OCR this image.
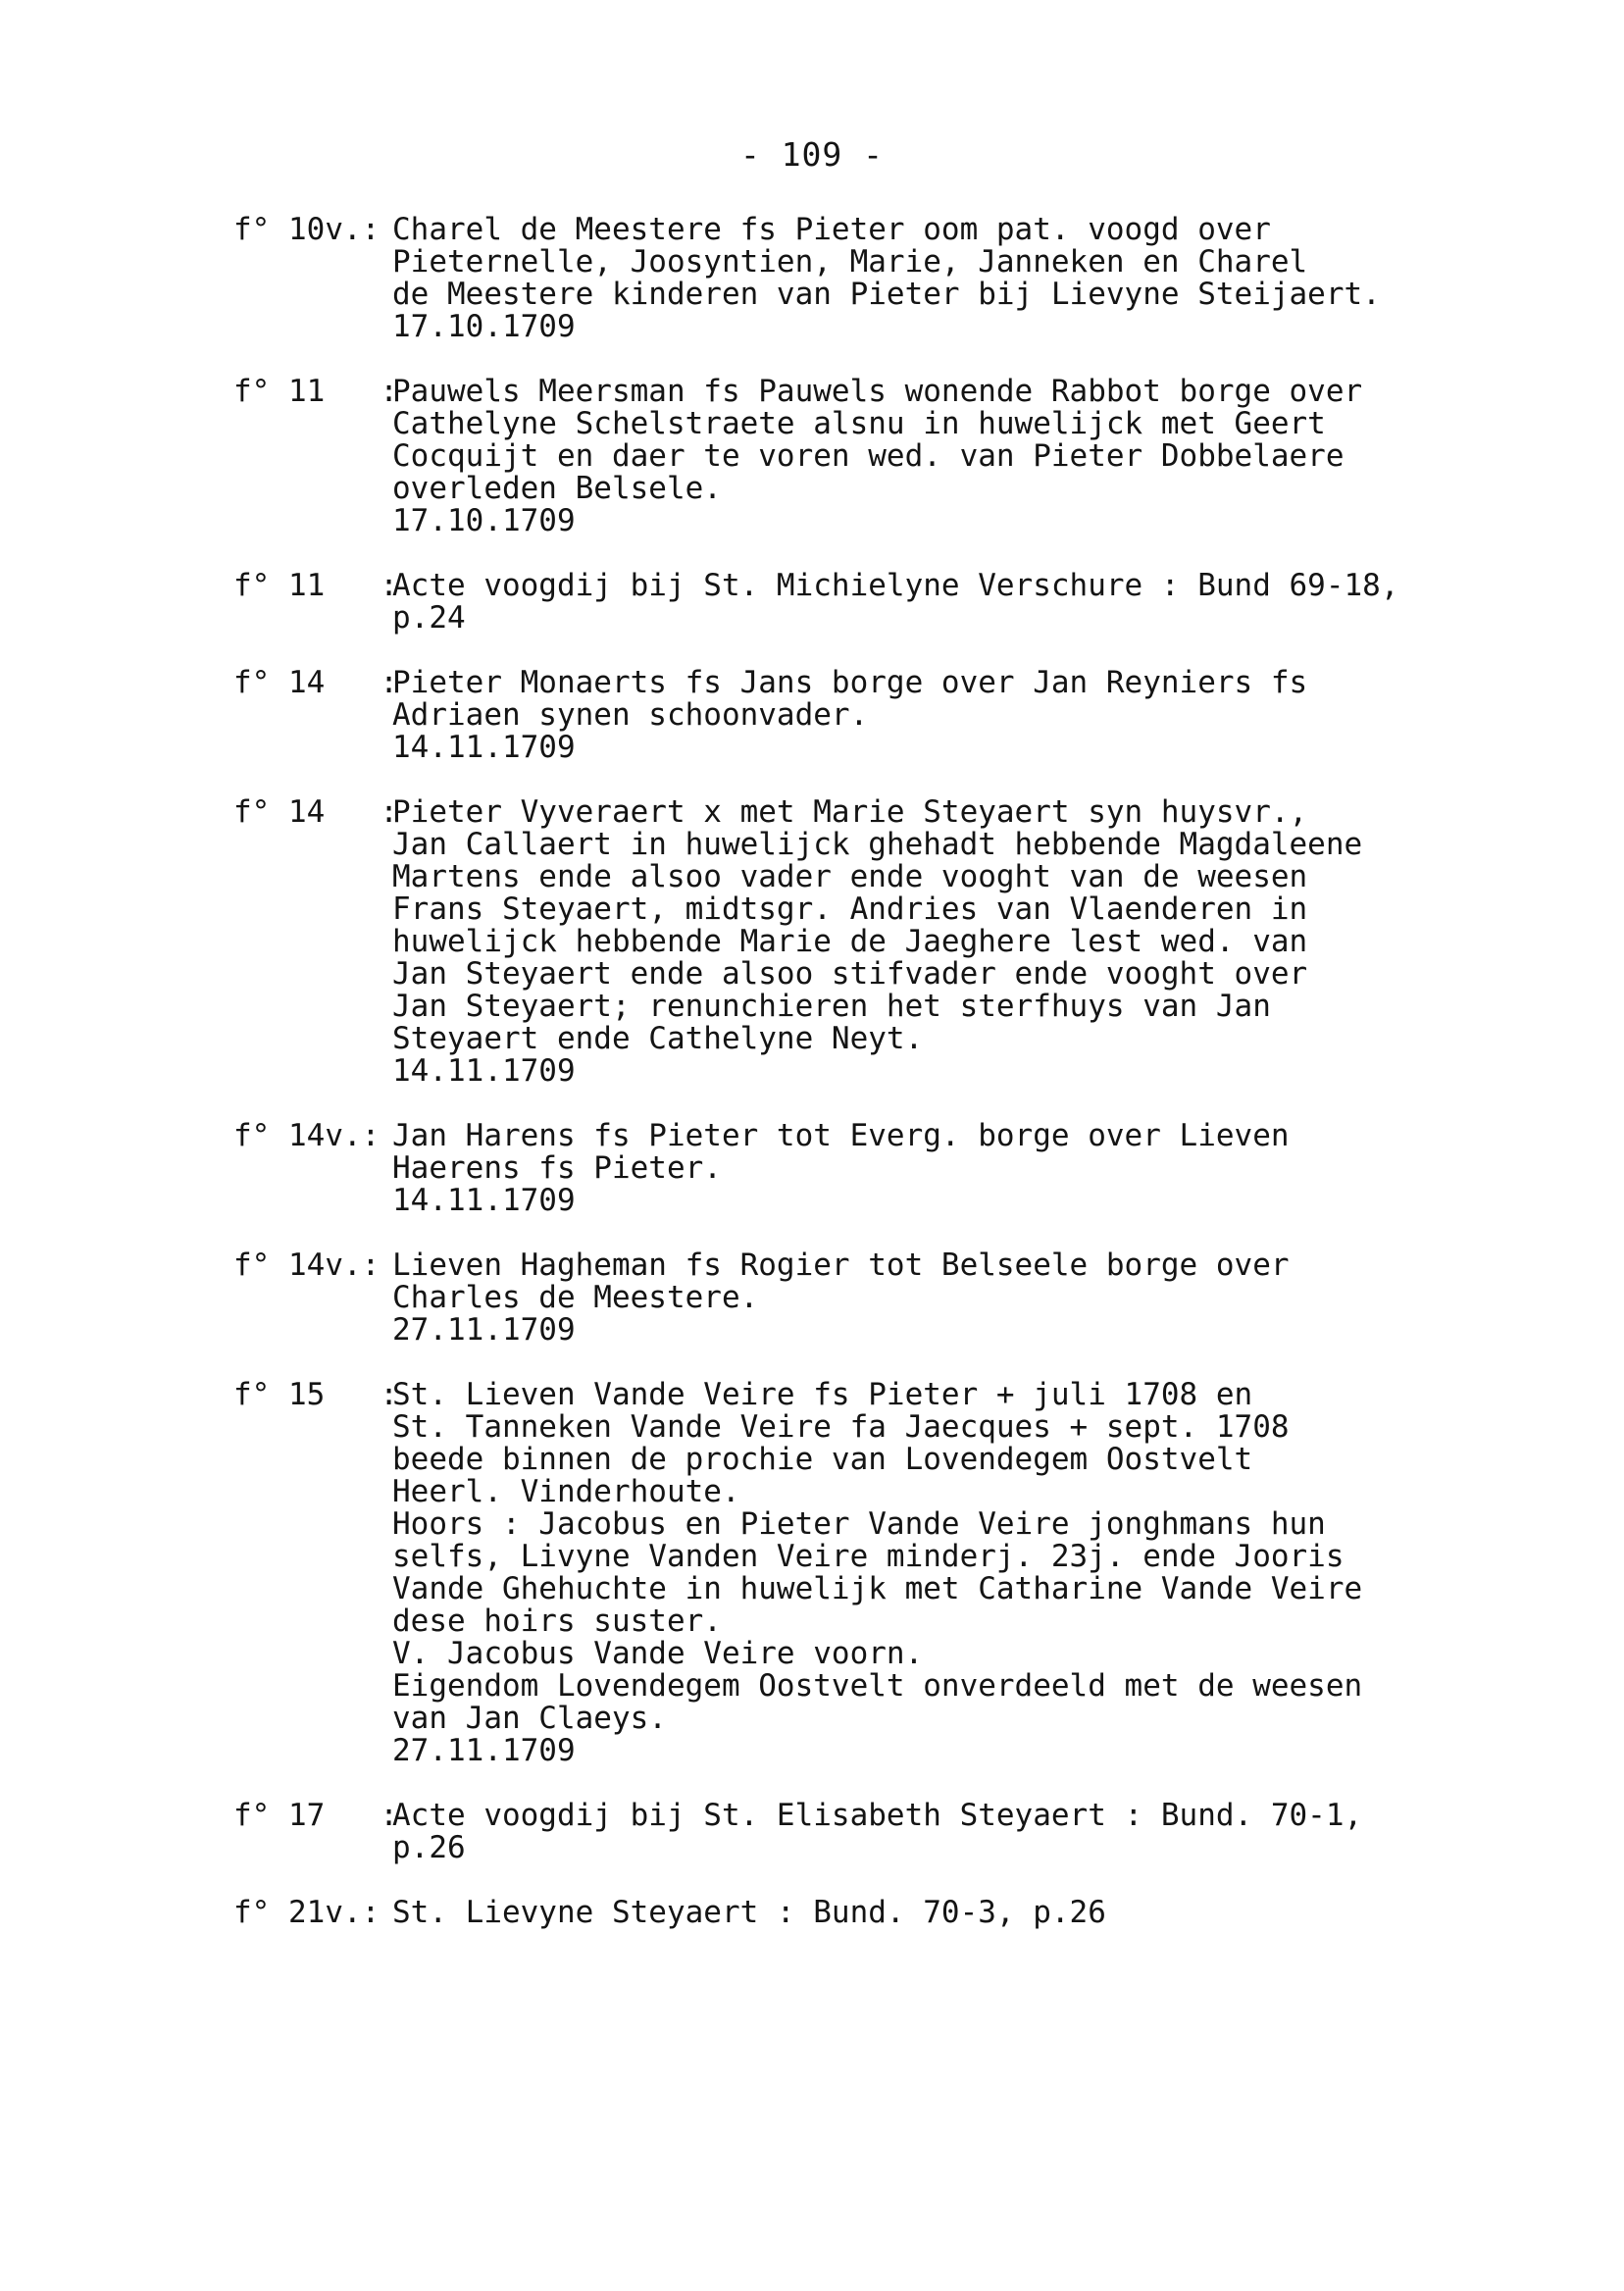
- 109 -
f° 10v.: Charel de Meestere fs Pieter oom pat. voogd over
Pieternelle, Joosyntien, Marie, Janneken en Charel
de Meestere kinderen van Pieter bij Lievyne Steijaert.
17.10.1709
f° 11   :
Pauwels Meersman fs Pauwels wonende Rabbot borge over
Cathelyne Schelstraete alsnu in huwelijck met Geert
Cocquijt en daer te voren wed. van Pieter Dobbelaere
overleden Belsele.
17.10.1709
f° 11   :
Acte voogdij bij St. Michielyne Verschure : Bund 69-18,
p.24
f° 14   :
Pieter Monaerts fs Jans borge over Jan Reyniers fs
Adriaen synen schoonvader.
14.11.1709
f° 14   :
Pieter Vyveraert x met Marie Steyaert syn huysvr.,
Jan Callaert in huwelijck ghehadt hebbende Magdaleene
Martens ende alsoo vader ende vooght van de weesen
Frans Steyaert, midtsgr. Andries van Vlaenderen in
huwelijck hebbende Marie de Jaeghere lest wed. van
Jan Steyaert ende alsoo stifvader ende vooght over
Jan Steyaert; renunchieren het sterfhuys van Jan
Steyaert ende Cathelyne Neyt.
14.11.1709
f° 14v.: Jan Harens fs Pieter tot Everg. borge over Lieven
Haerens fs Pieter.
14.11.1709
f° 14v.: Lieven Hagheman fs Rogier tot Belseele borge over
Charles de Meestere.
27.11.1709
f° 15   :
St. Lieven Vande Veire fs Pieter + juli 1708 en
St. Tanneken Vande Veire fa Jaecques + sept. 1708
beede binnen de prochie van Lovendegem Oostvelt
Heerl. Vinderhoute.
Hoors : Jacobus en Pieter Vande Veire jonghmans hun
selfs, Livyne Vanden Veire minderj. 23j. ende Jooris
Vande Ghehuchte in huwelijk met Catharine Vande Veire
dese hoirs suster.
V. Jacobus Vande Veire voorn.
Eigendom Lovendegem Oostvelt onverdeeld met de weesen
van Jan Claeys.
27.11.1709
f° 17   :
Acte voogdij bij St. Elisabeth Steyaert : Bund. 70-1,
p.26
f° 21v.: St. Lievyne Steyaert : Bund. 70-3, p.26
